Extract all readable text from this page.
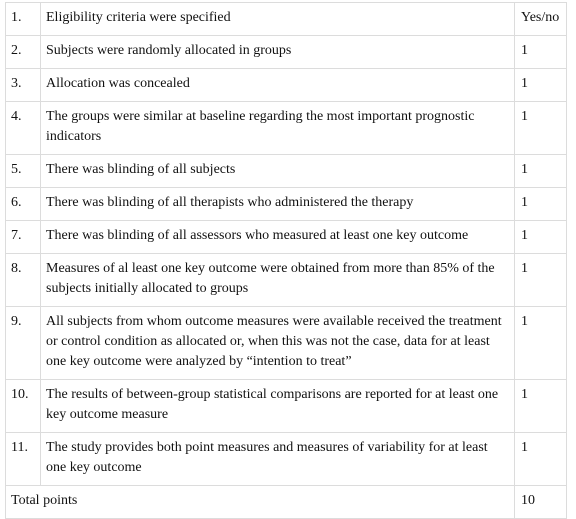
1.	Eligibility criteria were specified	Yes/no
2.	Subjects were randomly allocated in groups	1
3.	Allocation was concealed	1
4.	The groups were similar at baseline regarding the most important prognostic indicators	1
5.	There was blinding of all subjects	1
6.	There was blinding of all therapists who administered the therapy	1
7.	There was blinding of all assessors who measured at least one key outcome	1
8.	Measures of al least one key outcome were obtained from more than 85% of the subjects initially allocated to groups	1
9.	All subjects from whom outcome measures were available received the treatment or control condition as allocated or, when this was not the case, data for at least one key outcome were analyzed by “intention to treat”	1
10.	The results of between-group statistical comparisons are reported for at least one key outcome measure	1
11.	The study provides both point measures and measures of variability for at least one key outcome	1
Total points		10
